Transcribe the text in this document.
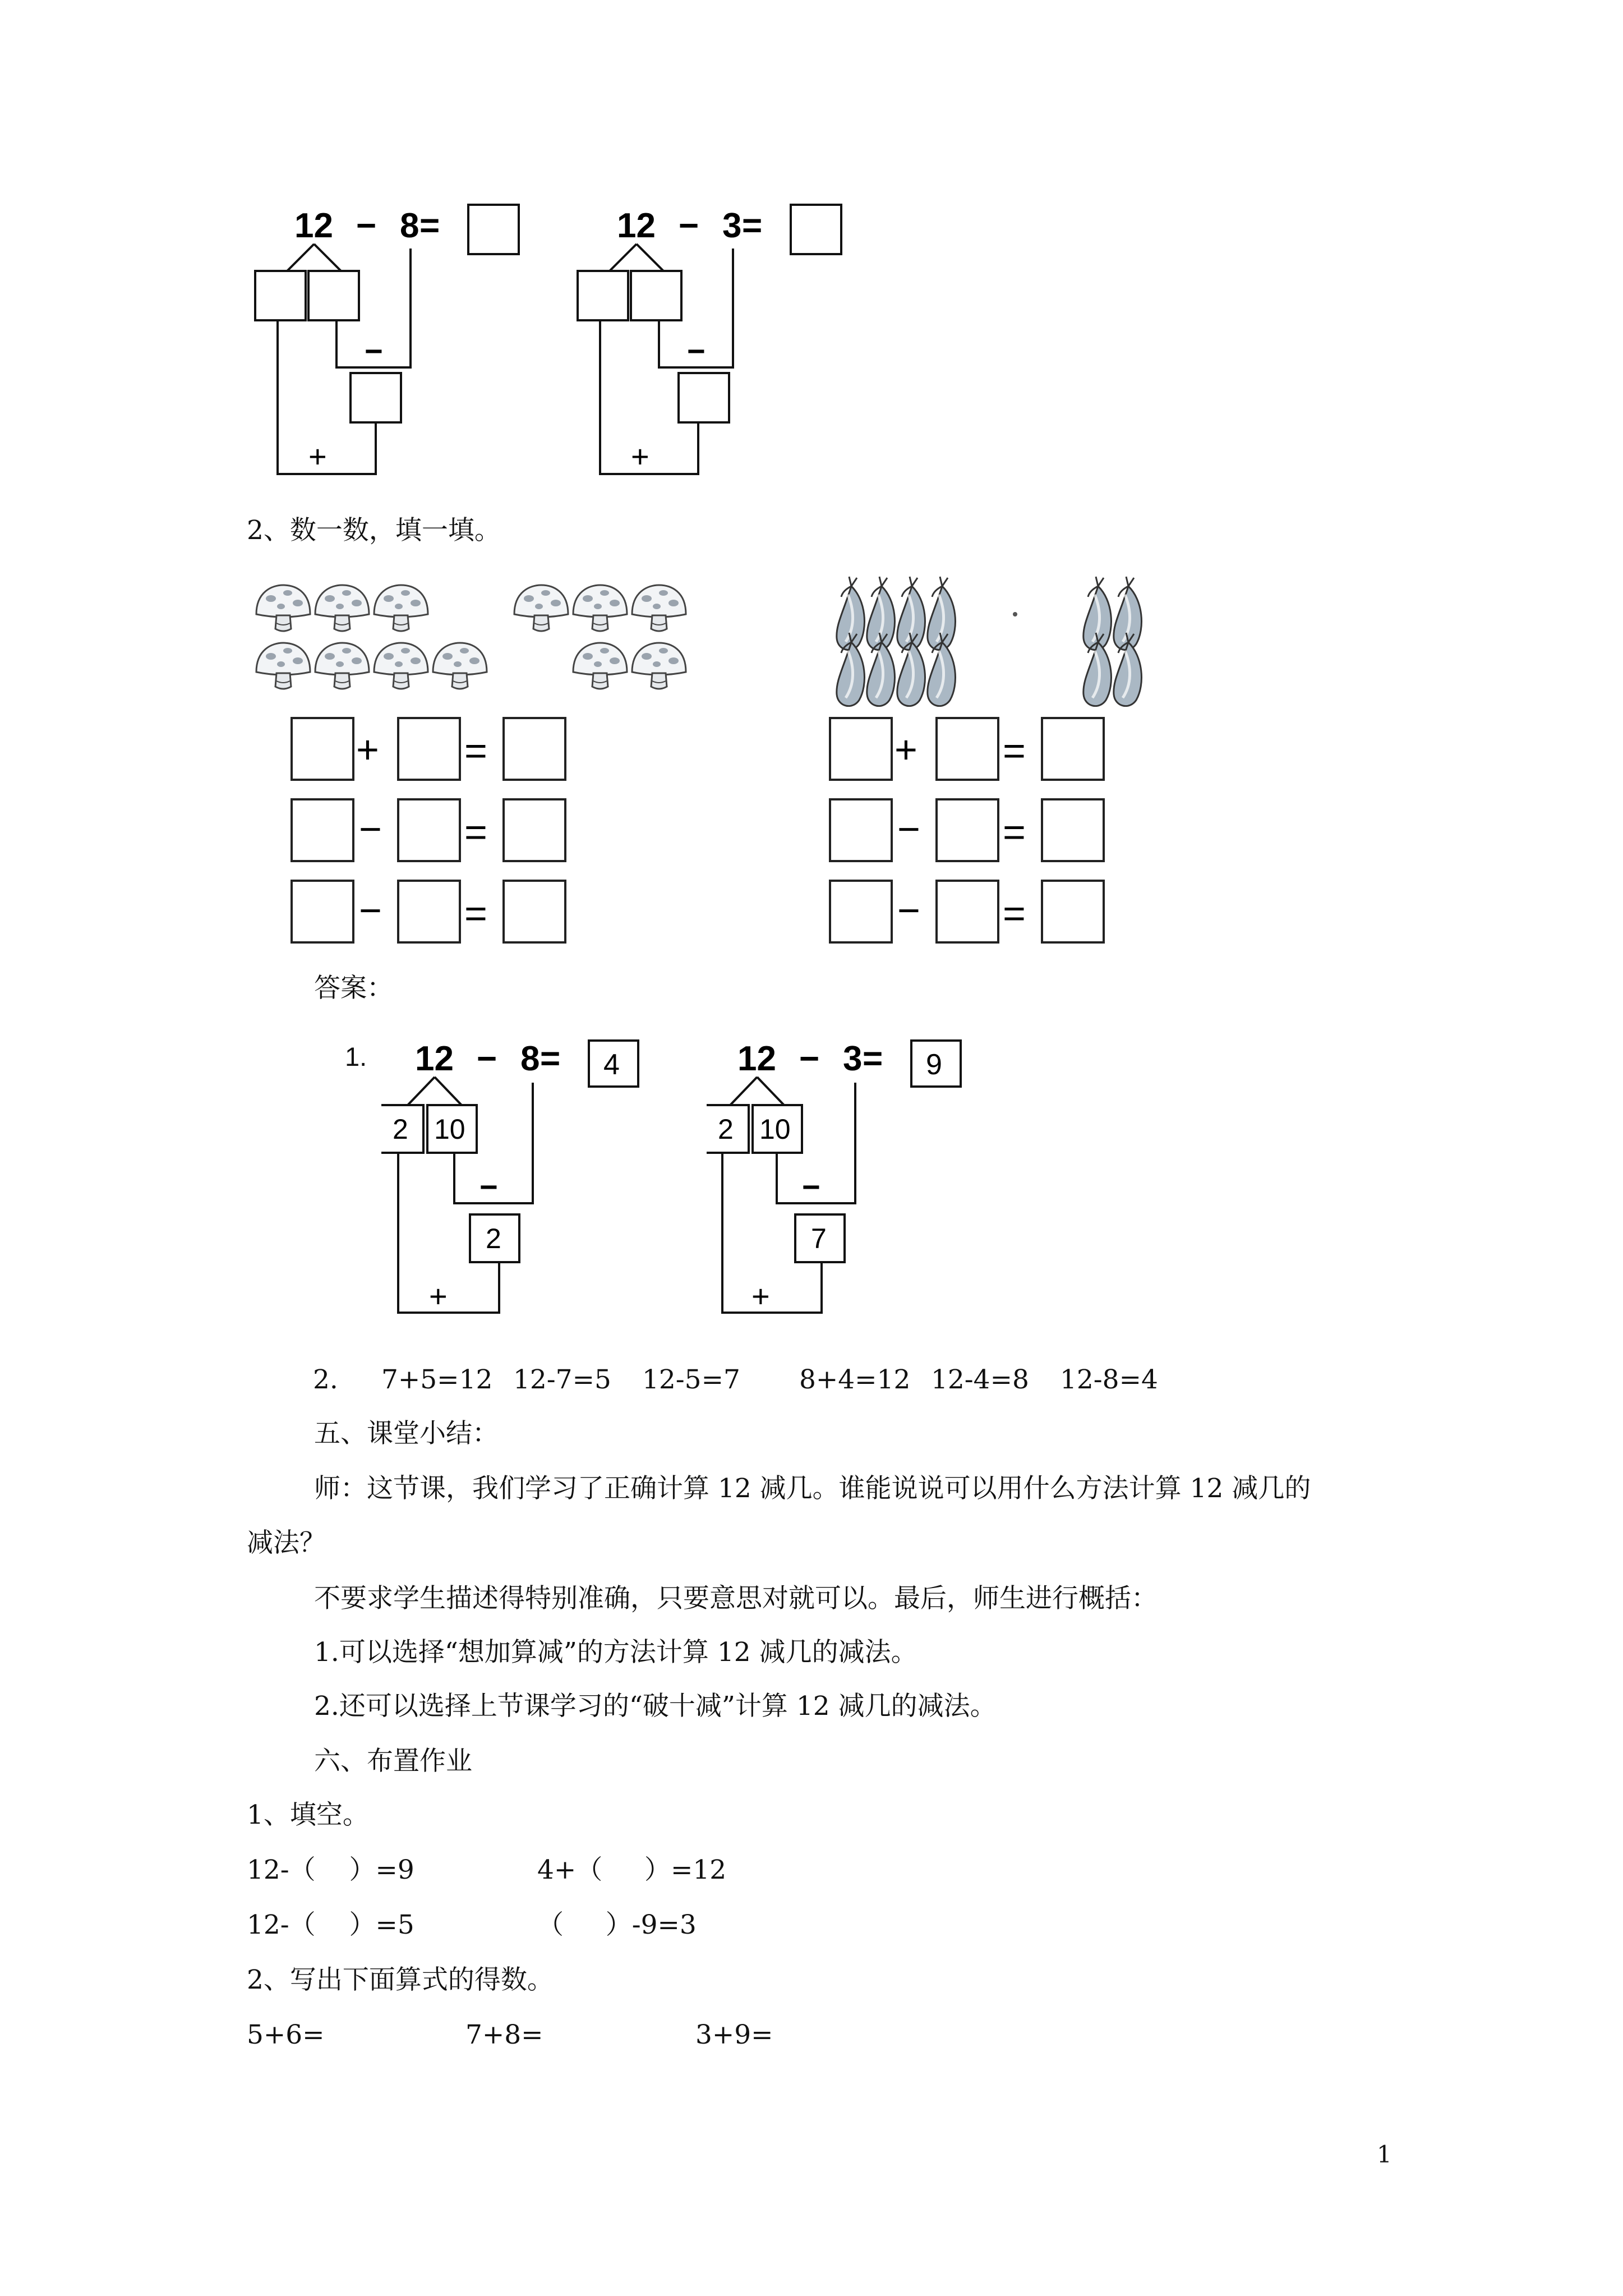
12 − 8 =
−
+
12 − 3 =
−
+
2、数一数，填一填。
+ =
− =
− =
+ =
− =
− =
答案：
1. 12 − 8 = 4
2 10
−
2
+
12 − 3 = 9
2 10
−
7
+
2. 7+5=12 12-7=5 12-5=7 8+4=12 12-4=8 12-8=4
五、课堂小结：
师：这节课，我们学习了正确计算 12 减几。谁能说说可以用什么方法计算 12 减几的
减法？
不要求学生描述得特别准确，只要意思对就可以。最后，师生进行概括：
1.可以选择“想加算减”的方法计算 12 减几的减法。
2.还可以选择上节课学习的“破十减”计算 12 减几的减法。
六、布置作业
1、填空。
12-（    ）=9	4+（     ）=12
12-（    ）=5	（     ）-9=3
2、写出下面算式的得数。
5+6=	7+8=	3+9=
1
